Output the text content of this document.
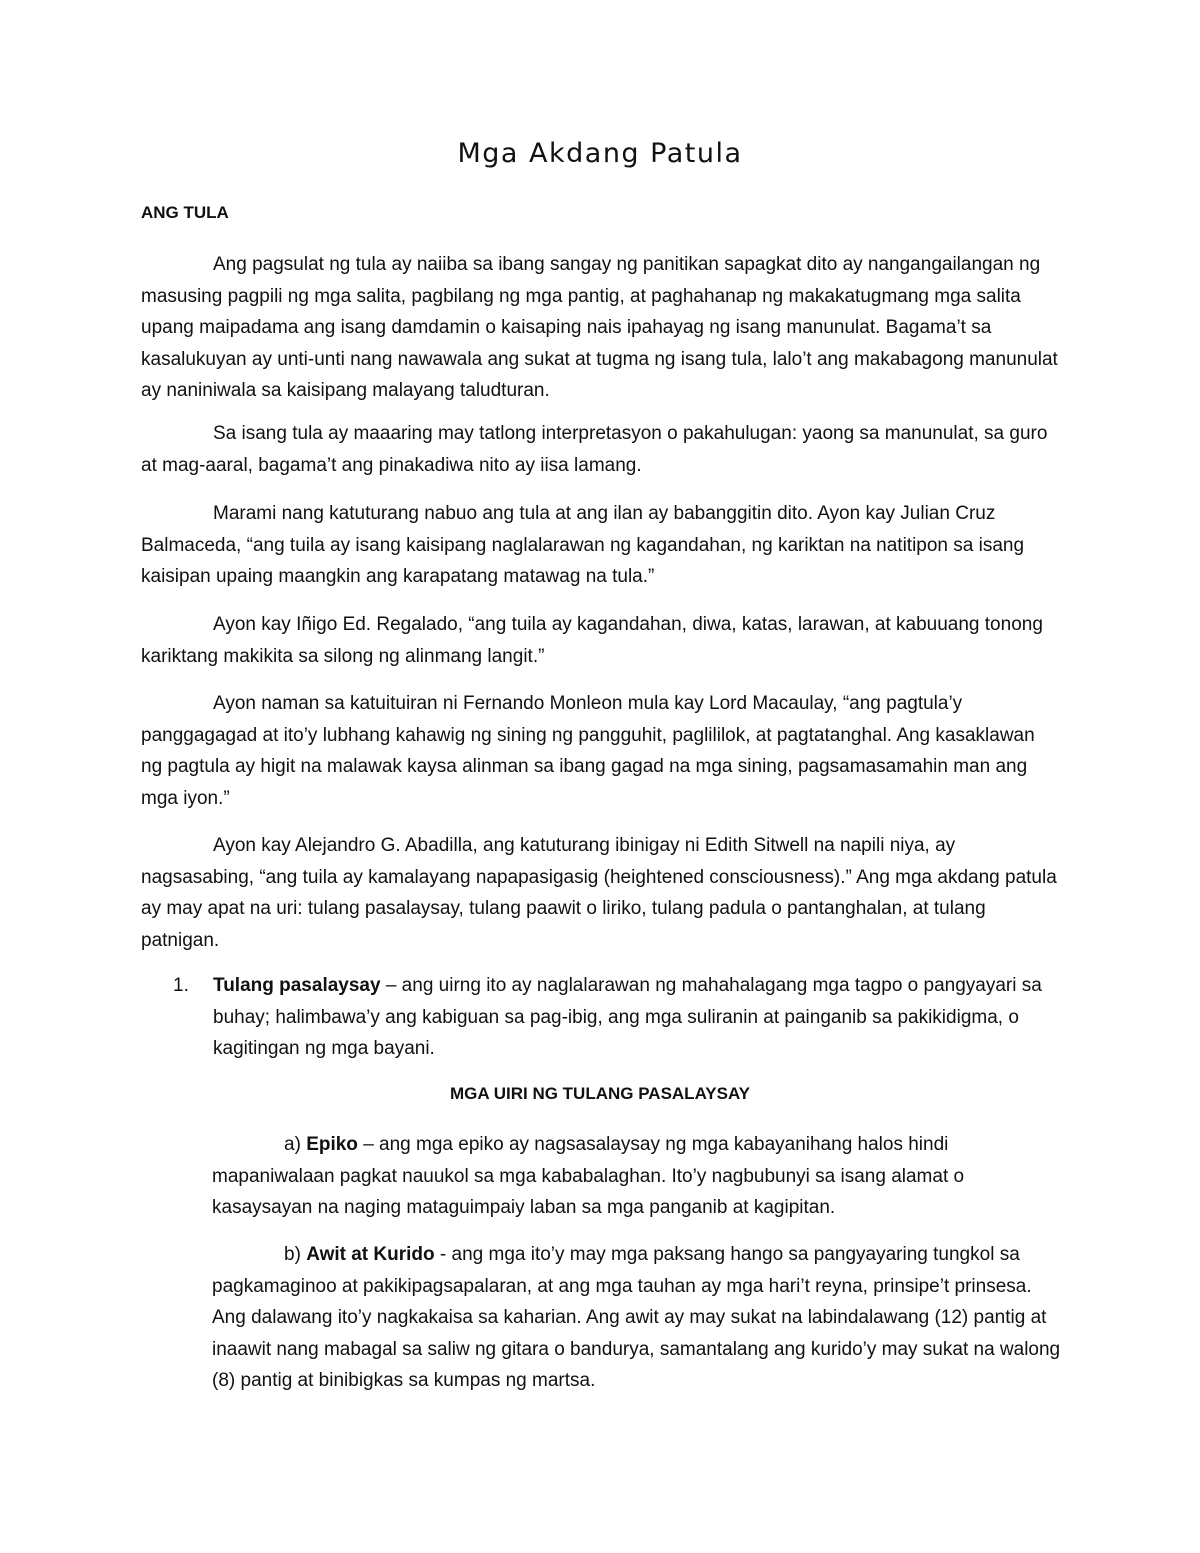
Mga Akdang Patula
ANG TULA
Ang pagsulat ng tula ay naiiba sa ibang sangay ng panitikan sapagkat dito ay nangangailangan ng masusing pagpili ng mga salita, pagbilang ng mga pantig, at paghahanap ng makakatugmang mga salita upang maipadama ang isang damdamin o kaisaping nais ipahayag ng isang manunulat. Bagama’t sa kasalukuyan ay unti-unti nang nawawala ang sukat at tugma ng isang tula, lalo’t ang makabagong manunulat ay naniniwala sa kaisipang malayang taludturan.
Sa isang tula ay maaaring may tatlong interpretasyon o pakahulugan: yaong sa manunulat, sa guro at mag-aaral, bagama’t ang pinakadiwa nito ay iisa lamang.
Marami nang katuturang nabuo ang tula at ang ilan ay babanggitin dito. Ayon kay Julian Cruz Balmaceda, “ang tuila ay isang kaisipang naglalarawan ng kagandahan, ng kariktan na natitipon sa isang kaisipan upaing maangkin ang karapatang matawag na tula.”
Ayon kay Iñigo Ed. Regalado, “ang tuila ay kagandahan, diwa, katas, larawan, at kabuuang tonong kariktang makikita sa silong ng alinmang langit.”
Ayon naman sa katuituiran ni Fernando Monleon mula kay Lord Macaulay, “ang pagtula’y panggagagad at ito’y lubhang kahawig ng sining ng pangguhit, paglililok, at pagtatanghal. Ang kasaklawan ng pagtula ay higit na malawak kaysa alinman sa ibang gagad na mga sining, pagsamasamahin man ang mga iyon.”
Ayon kay Alejandro G. Abadilla, ang katuturang ibinigay ni Edith Sitwell na napili niya, ay nagsasabing, “ang tuila ay kamalayang napapasigasig (heightened consciousness).” Ang mga akdang patula ay may apat na uri: tulang pasalaysay, tulang paawit o liriko, tulang padula o pantanghalan, at tulang patnigan.
1. Tulang pasalaysay – ang uirng ito ay naglalarawan ng mahahalagang mga tagpo o pangyayari sa buhay; halimbawa’y ang kabiguan sa pag-ibig, ang mga suliranin at painganib sa pakikidigma, o kagitingan ng mga bayani.
MGA UIRI NG TULANG PASALAYSAY

a) Epiko – ang mga epiko ay nagsasalaysay ng mga kabayanihang halos hindi mapaniwalaan pagkat nauukol sa mga kababalaghan. Ito’y nagbubunyi sa isang alamat o kasaysayan na naging mataguimpaiy laban sa mga panganib at kagipitan.

b) Awit at Kurido - ang mga ito’y may mga paksang hango sa pangyayaring tungkol sa pagkamaginoo at pakikipagsapalaran, at ang mga tauhan ay mga hari’t reyna, prinsipe’t prinsesa. Ang dalawang ito’y nagkakaisa sa kaharian. Ang awit ay may sukat na labindalawang (12) pantig at inaawit nang mabagal sa saliw ng gitara o bandurya, samantalang ang kurido’y may sukat na walong (8) pantig at binibigkas sa kumpas ng martsa.
